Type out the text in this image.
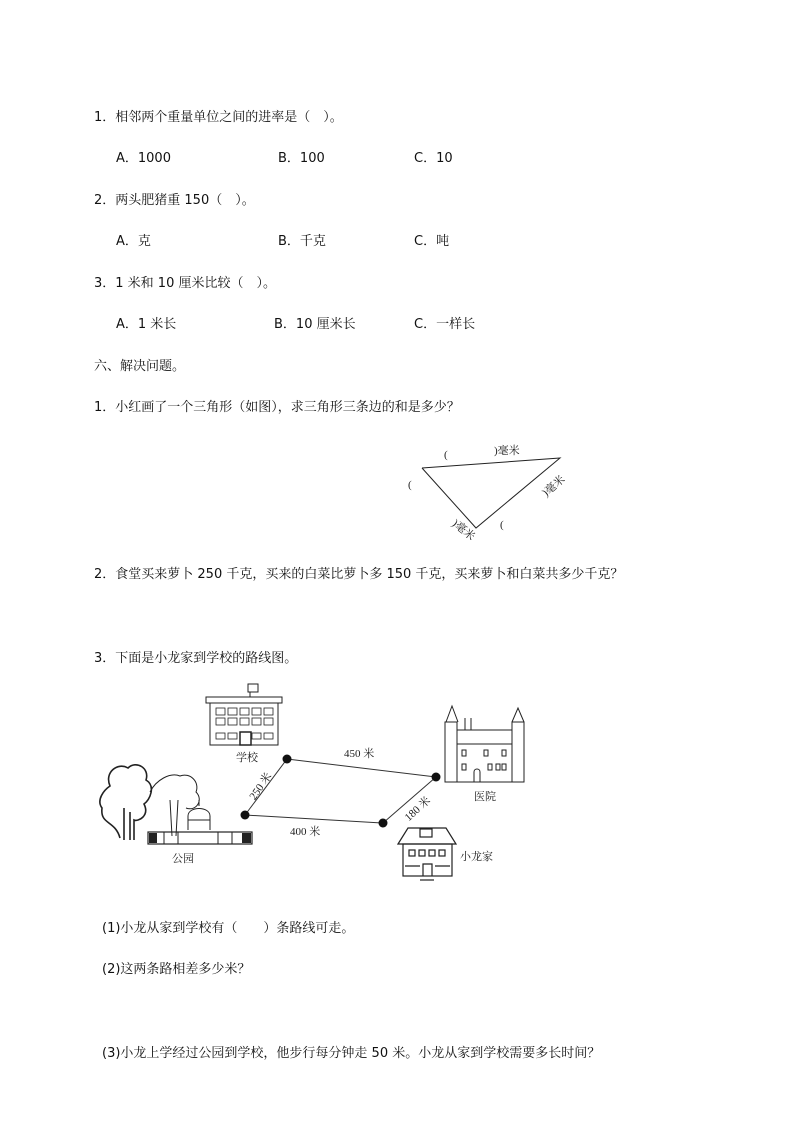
1．相邻两个重量单位之间的进率是（　）。
A．1000	B．100	C．10
2．两头肥猪重 150（　）。
A．克	B．千克	C．吨
3．1 米和 10 厘米比较（　）。
A．1 米长	B．10 厘米长	C．一样长
六、解决问题。
1．小红画了一个三角形（如图），求三角形三条边的和是多少？
(	)毫米
(	)毫米
)毫米 (
学校
公园
医院
小龙家
250 米
450 米
180 米
400 米
2．食堂买来萝卜 250 千克，买来的白菜比萝卜多 150 千克，买来萝卜和白菜共多少千克？
3．下面是小龙家到学校的路线图。
(1)小龙从家到学校有（　　）条路线可走。
(2)这两条路相差多少米？
(3)小龙上学经过公园到学校，他步行每分钟走 50 米。小龙从家到学校需要多长时间？
